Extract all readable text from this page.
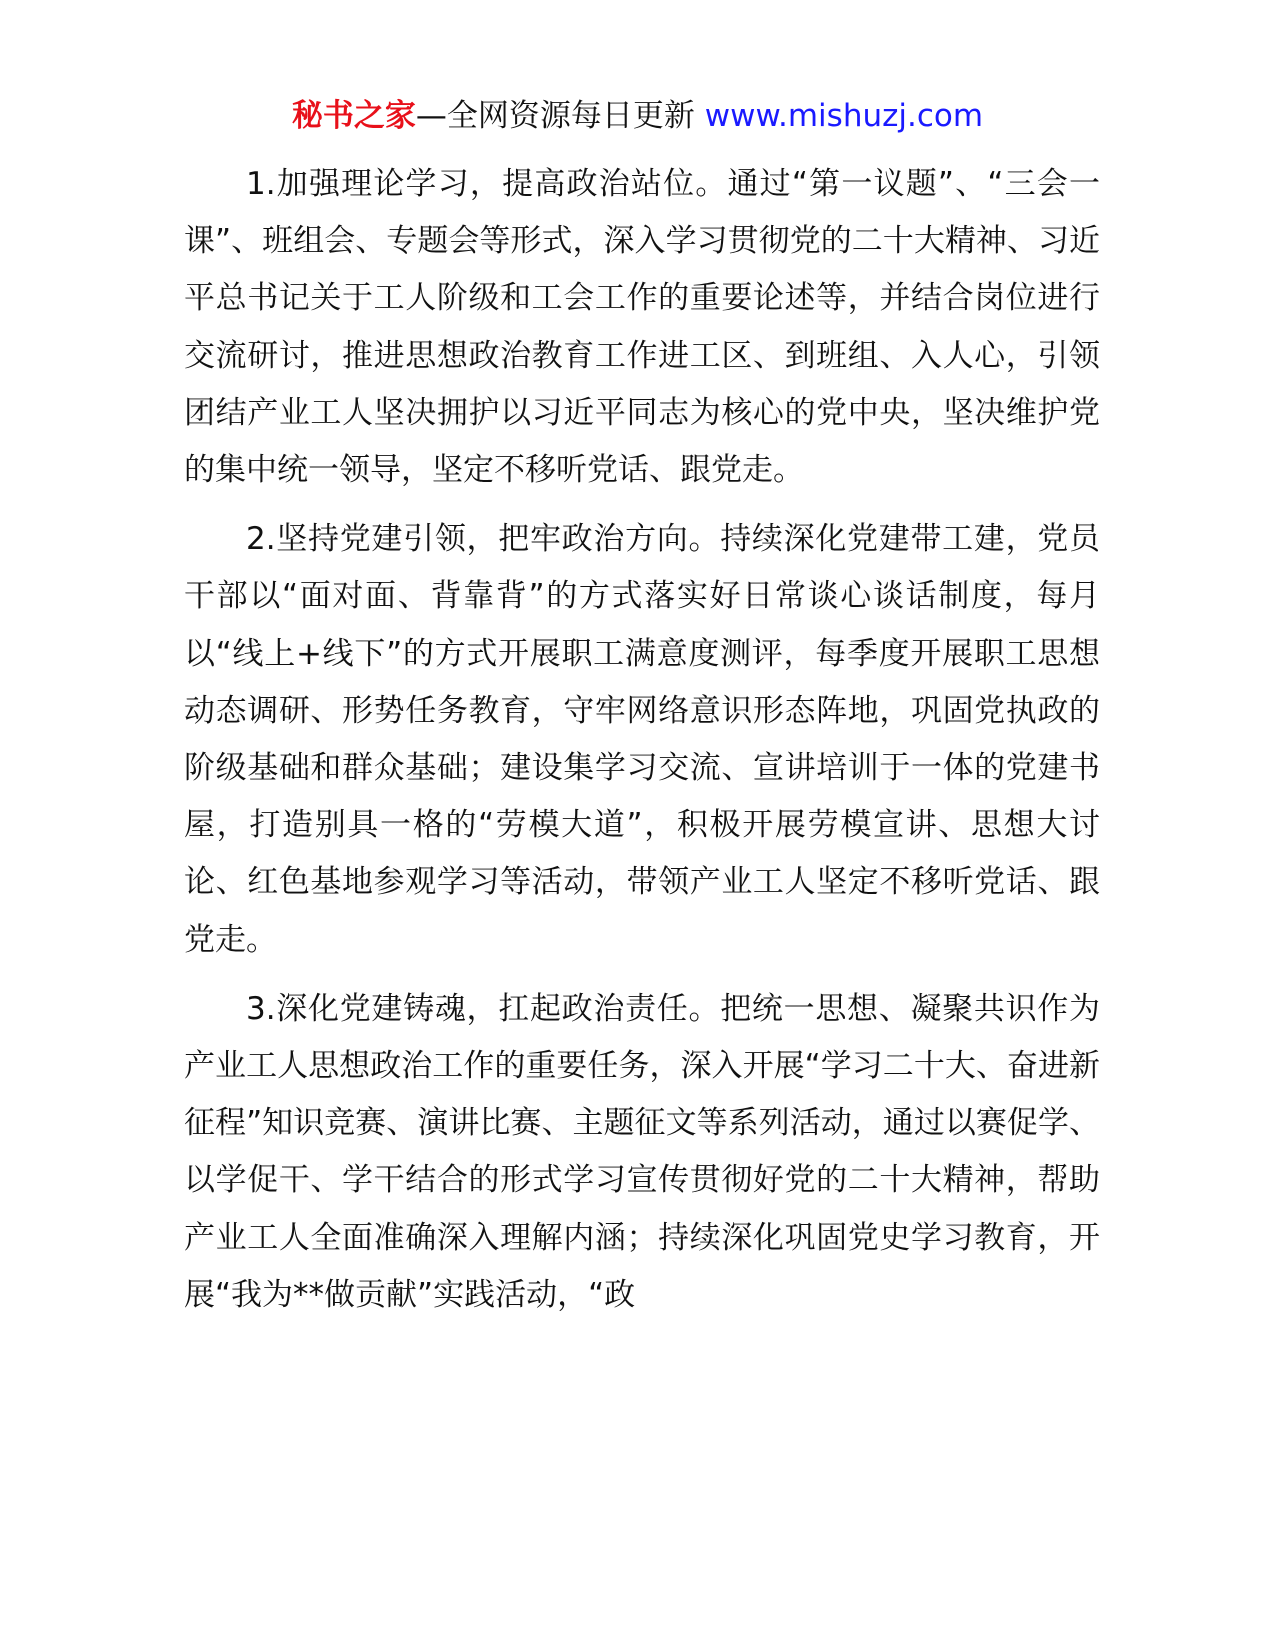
秘书之家—全网资源每日更新 www.mishuzj.com

1.加强理论学习，提高政治站位。通过“第一议题”、“三会一课”、班组会、专题会等形式，深入学习贯彻党的二十大精神、习近平总书记关于工人阶级和工会工作的重要论述等，并结合岗位进行交流研讨，推进思想政治教育工作进工区、到班组、入人心，引领团结产业工人坚决拥护以习近平同志为核心的党中央，坚决维护党的集中统一领导，坚定不移听党话、跟党走。

2.坚持党建引领，把牢政治方向。持续深化党建带工建，党员干部以“面对面、背靠背”的方式落实好日常谈心谈话制度，每月以“线上+线下”的方式开展职工满意度测评，每季度开展职工思想动态调研、形势任务教育，守牢网络意识形态阵地，巩固党执政的阶级基础和群众基础；建设集学习交流、宣讲培训于一体的党建书屋，打造别具一格的“劳模大道”，积极开展劳模宣讲、思想大讨论、红色基地参观学习等活动，带领产业工人坚定不移听党话、跟党走。

3.深化党建铸魂，扛起政治责任。把统一思想、凝聚共识作为产业工人思想政治工作的重要任务，深入开展“学习二十大、奋进新征程”知识竞赛、演讲比赛、主题征文等系列活动，通过以赛促学、以学促干、学干结合的形式学习宣传贯彻好党的二十大精神，帮助产业工人全面准确深入理解内涵；持续深化巩固党史学习教育，开展“我为**做贡献”实践活动，“政
